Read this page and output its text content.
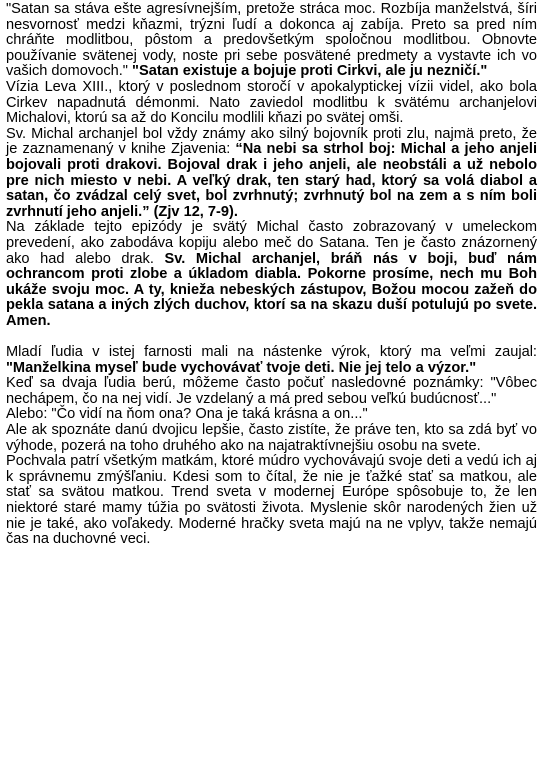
"Satan sa stáva ešte agresívnejším, pretože stráca moc. Rozbíja manželstvá, šíri nesvornosť medzi kňazmi, trýzni ľudí a dokonca aj zabíja. Preto sa pred ním chráňte modlitbou, pôstom a predovšetkým spoločnou modlitbou. Obnovte používanie svätenej vody, noste pri sebe posvätené predmety a vystavte ich vo vašich domovoch." "Satan existuje a bojuje proti Cirkvi, ale ju nezničí."

Vízia Leva XIII., ktorý v poslednom storočí v apokalyptickej vízii videl, ako bola Cirkev napadnutá démonmi. Nato zaviedol modlitbu k svätému archanjelovi Michalovi, ktorú sa až do Koncilu modlili kňazi po svätej omši.

Sv. Michal archanjel bol vždy známy ako silný bojovník proti zlu, najmä preto, že je zaznamenaný v knihe Zjavenia: “Na nebi sa strhol boj: Michal a jeho anjeli bojovali proti drakovi. Bojoval drak i jeho anjeli, ale neobstáli a už nebolo pre nich miesto v nebi. A veľký drak, ten starý had, ktorý sa volá diabol a satan, čo zvádzal celý svet, bol zvrhnutý; zvrhnutý bol na zem a s ním boli zvrhnutí jeho anjeli.” (Zjv 12, 7-9).

Na základe tejto epizódy je svätý Michal často zobrazovaný v umeleckom prevedení, ako zabodáva kopiju alebo meč do Satana. Ten je často znázornený ako had alebo drak. Sv. Michal archanjel, bráň nás v boji, buď nám ochrancom proti zlobe a úkladom diabla. Pokorne prosíme, nech mu Boh ukáže svoju moc. A ty, knieža nebeských zástupov, Božou mocou zažeň do pekla satana a iných zlých duchov, ktorí sa na skazu duší potulujú po svete. Amen.

Mladí ľudia v istej farnosti mali na nástenke výrok, ktorý ma veľmi zaujal: "Manželkina myseľ bude vychovávať tvoje deti. Nie jej telo a výzor."

Keď sa dvaja ľudia berú, môžeme často počuť nasledovné poznámky: "Vôbec nechápem, čo na nej vidí. Je vzdelaný a má pred sebou veľkú budúcnosť..."

Alebo: "Čo vidí na ňom ona? Ona je taká krásna a on..."

Ale ak spoznáte danú dvojicu lepšie, často zistíte, že práve ten, kto sa zdá byť vo výhode, pozerá na toho druhého ako na najatraktívnejšiu osobu na svete.

Pochvala patrí všetkým matkám, ktoré múdro vychovávajú svoje deti a vedú ich aj k správnemu zmýšľaniu. Kdesi som to čítal, že nie je ťažké stať sa matkou, ale stať sa svätou matkou. Trend sveta v modernej Európe spôsobuje to, že len niektoré staré mamy túžia po svätosti života. Myslenie skôr narodených žien už nie je také, ako voľakedy. Moderné hračky sveta majú na ne vplyv, takže nemajú čas na duchovné veci.
